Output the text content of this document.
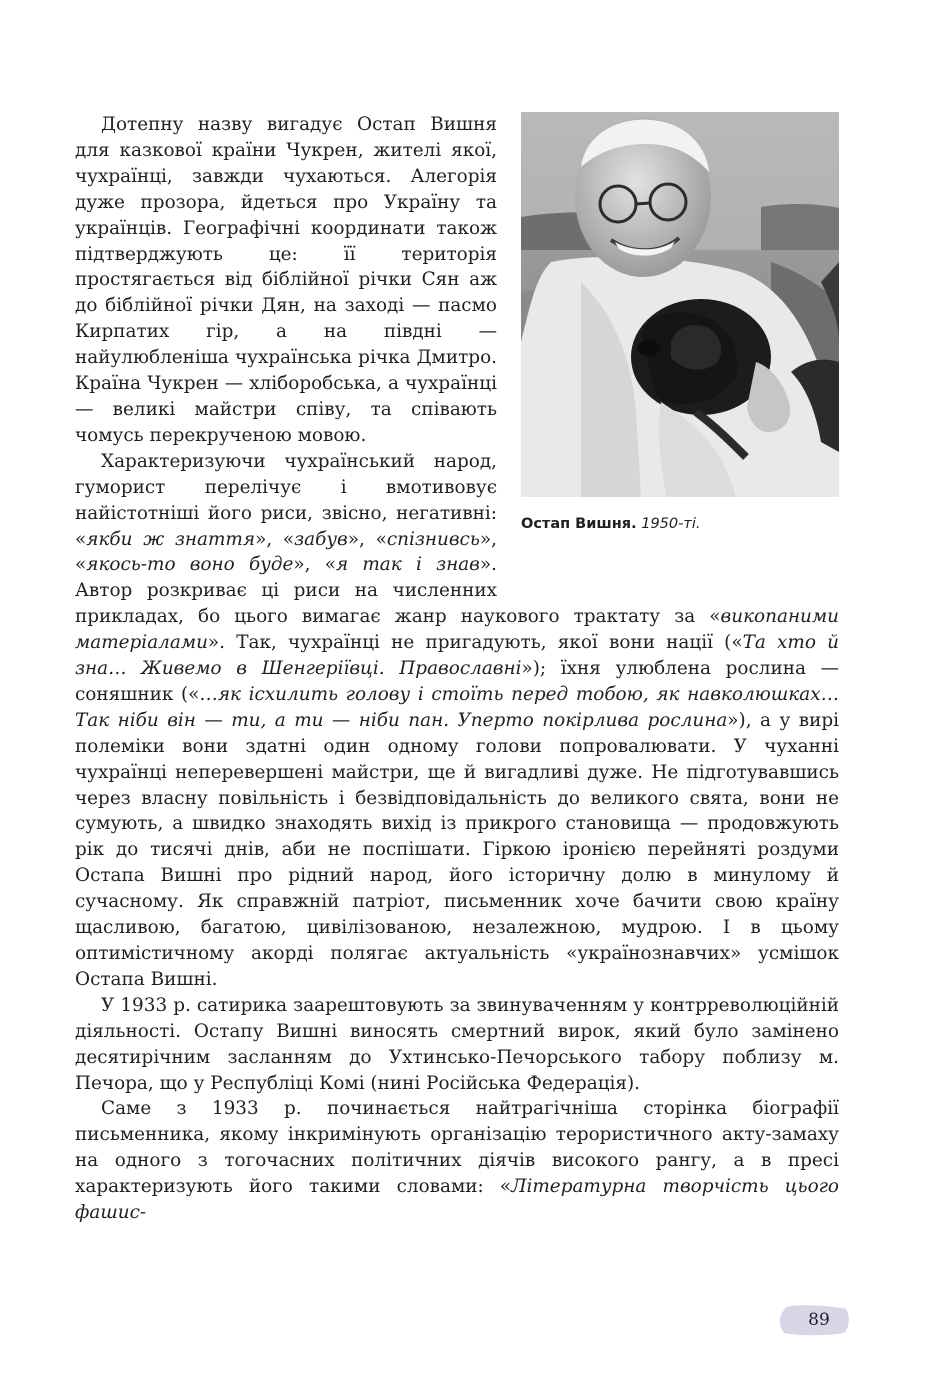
Остап Вишня. 1950-ті.

Дотепну назву вигадує Остап Вишня для казкової країни Чукрен, жителі якої, чухраїнці, завжди чухаються. Алегорія дуже прозора, йдеться про Україну та українців. Географічні координати також підтверджують це: її територія простягається від біблійної річки Сян аж до біблійної річки Дян, на заході — пасмо Кирпатих гір, а на півдні — найулюбленіша чухраїнська річка Дмитро. Країна Чукрен — хліборобська, а чухраїнці — великі майстри співу, та співають чомусь перекрученою мовою.

Характеризуючи чухраїнський народ, гуморист перелічує і вмотивовує найістотніші його риси, звісно, негативні: «якби ж знаття», «забув», «спізнивсь», «якось-то воно буде», «я так і знав». Автор розкриває ці риси на численних прикладах, бо цього вимагає жанр наукового трактату за «викопаними матеріалами». Так, чухраїнці не пригадують, якої вони нації («Та хто й зна… Живемо в Шенгеріївці. Православні»); їхня улюблена рослина — соняшник («…як ісхилить голову і стоїть перед тобою, як навколюшках… Так ніби він — ти, а ти — ніби пан. Уперто покірлива рослина»), а у вирі полеміки вони здатні один одному голови попровалювати. У чуханні чухраїнці неперевершені майстри, ще й вигадливі дуже. Не підготувавшись через власну повільність і безвідповідальність до великого свята, вони не сумують, а швидко знаходять вихід із прикрого становища — продовжують рік до тисячі днів, аби не поспішати. Гіркою іронією перейняті роздуми Остапа Вишні про рідний народ, його історичну долю в минулому й сучасному. Як справжній патріот, письменник хоче бачити свою країну щасливою, багатою, цивілізованою, незалежною, мудрою. І в цьому оптимістичному акорді полягає актуальність «українознавчих» усмішок Остапа Вишні.

У 1933 р. сатирика заарештовують за звинуваченням у контрреволюційній діяльності. Остапу Вишні виносять смертний вирок, який було замінено десятирічним засланням до Ухтинсько-Печорського табору поблизу м. Печора, що у Республіці Комі (нині Російська Федерація).

Саме з 1933 р. починається найтрагічніша сторінка біографії письменника, якому інкримінують організацію терористичного акту-замаху на одного з тогочасних політичних діячів високого рангу, а в пресі характеризують його такими словами: «Літературна творчість цього фашис-

89
